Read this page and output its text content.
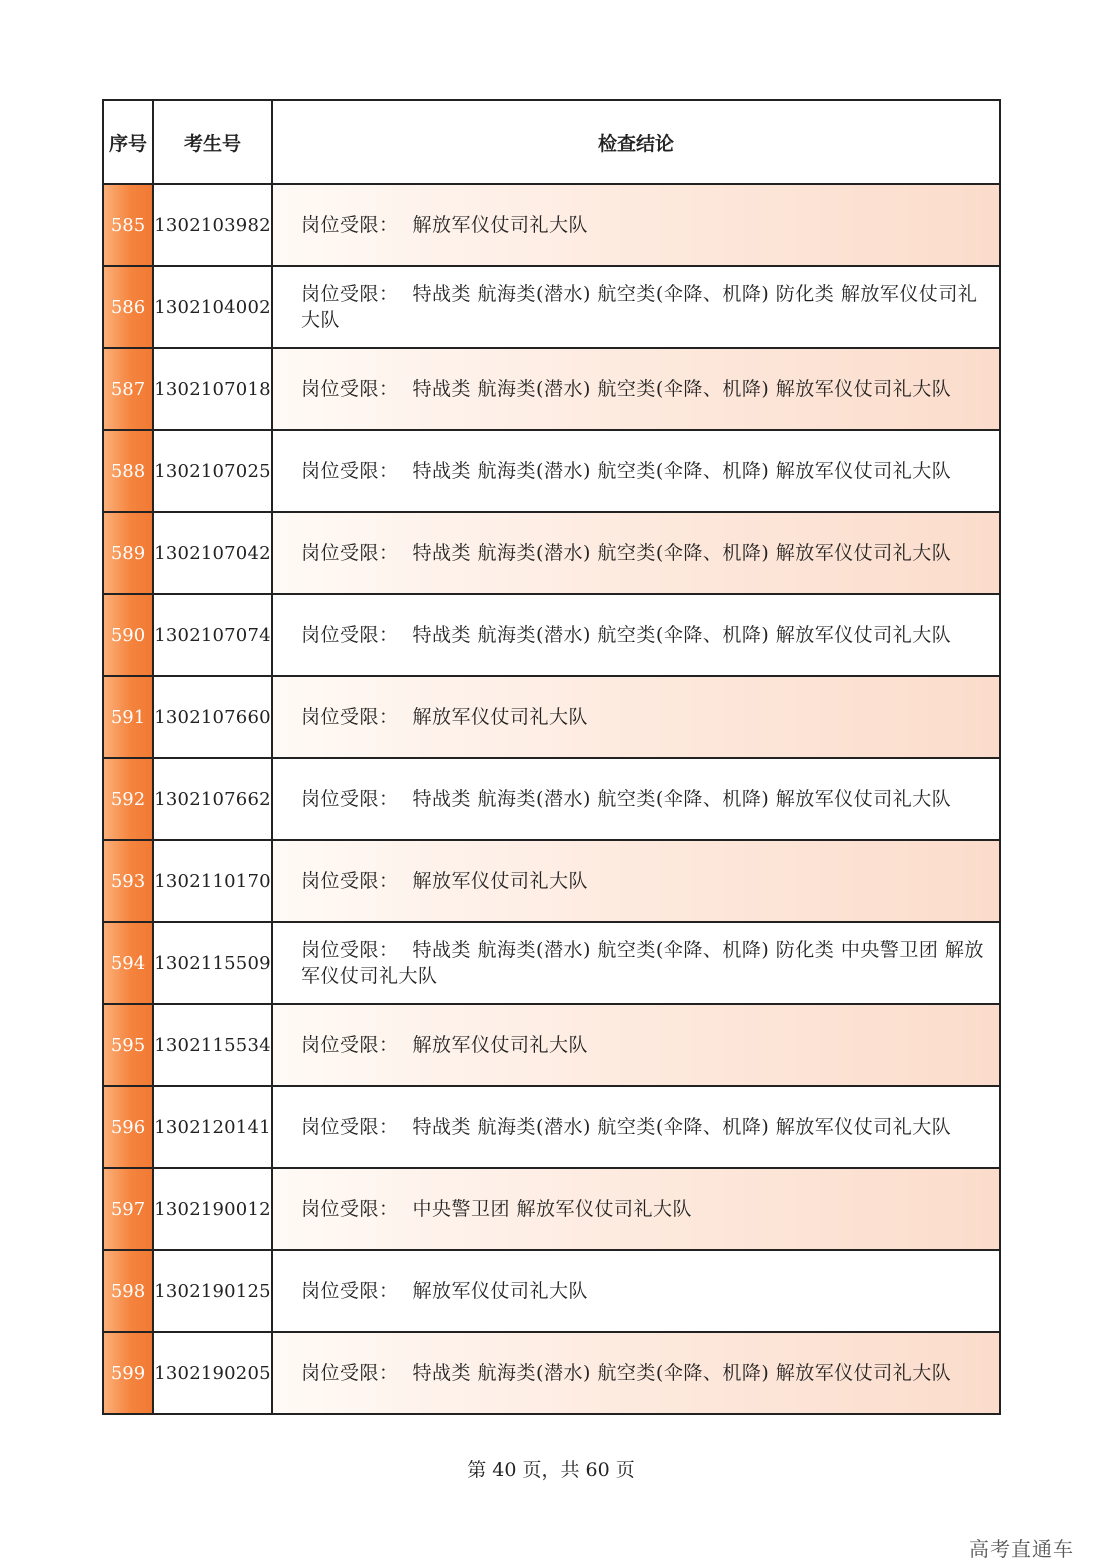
序号	考生号	检查结论
585	1302103982	岗位受限： 解放军仪仗司礼大队
586	1302104002	岗位受限： 特战类 航海类(潜水) 航空类(伞降、机降) 防化类 解放军仪仗司礼大队
587	1302107018	岗位受限： 特战类 航海类(潜水) 航空类(伞降、机降) 解放军仪仗司礼大队
588	1302107025	岗位受限： 特战类 航海类(潜水) 航空类(伞降、机降) 解放军仪仗司礼大队
589	1302107042	岗位受限： 特战类 航海类(潜水) 航空类(伞降、机降) 解放军仪仗司礼大队
590	1302107074	岗位受限： 特战类 航海类(潜水) 航空类(伞降、机降) 解放军仪仗司礼大队
591	1302107660	岗位受限： 解放军仪仗司礼大队
592	1302107662	岗位受限： 特战类 航海类(潜水) 航空类(伞降、机降) 解放军仪仗司礼大队
593	1302110170	岗位受限： 解放军仪仗司礼大队
594	1302115509	岗位受限： 特战类 航海类(潜水) 航空类(伞降、机降) 防化类 中央警卫团 解放军仪仗司礼大队
595	1302115534	岗位受限： 解放军仪仗司礼大队
596	1302120141	岗位受限： 特战类 航海类(潜水) 航空类(伞降、机降) 解放军仪仗司礼大队
597	1302190012	岗位受限： 中央警卫团 解放军仪仗司礼大队
598	1302190125	岗位受限： 解放军仪仗司礼大队
599	1302190205	岗位受限： 特战类 航海类(潜水) 航空类(伞降、机降) 解放军仪仗司礼大队
第 40 页，共 60 页
高考直通车
